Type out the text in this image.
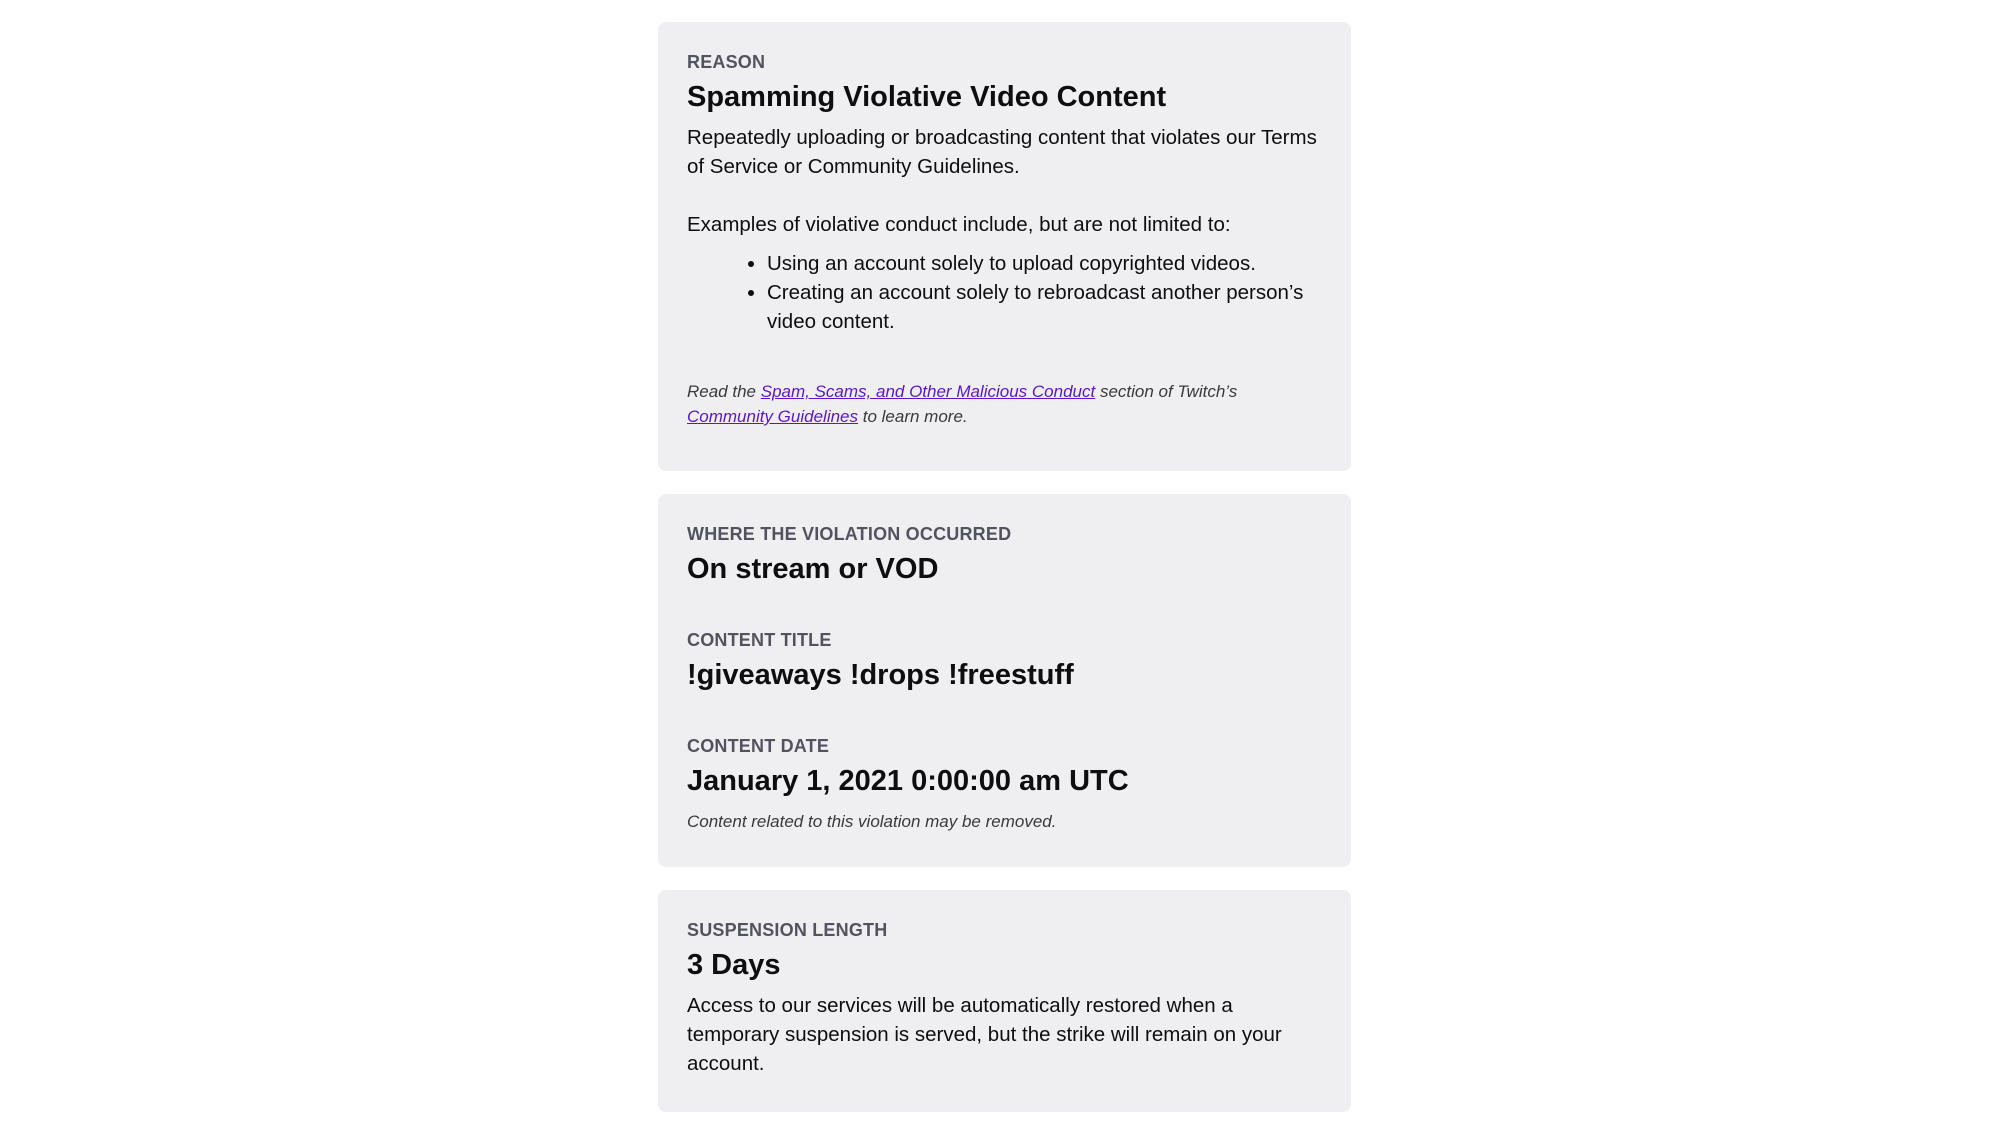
REASON
Spamming Violative Video Content

Repeatedly uploading or broadcasting content that violates our Terms of Service or Community Guidelines.

Examples of violative conduct include, but are not limited to:

• Using an account solely to upload copyrighted videos.
• Creating an account solely to rebroadcast another person’s video content.

Read the Spam, Scams, and Other Malicious Conduct section of Twitch’s Community Guidelines to learn more.

WHERE THE VIOLATION OCCURRED
On stream or VOD
CONTENT TITLE
!giveaways !drops !freestuff
CONTENT DATE
January 1, 2021 0:00:00 am UTC

Content related to this violation may be removed.

SUSPENSION LENGTH
3 Days

Access to our services will be automatically restored when a temporary suspension is served, but the strike will remain on your account.
